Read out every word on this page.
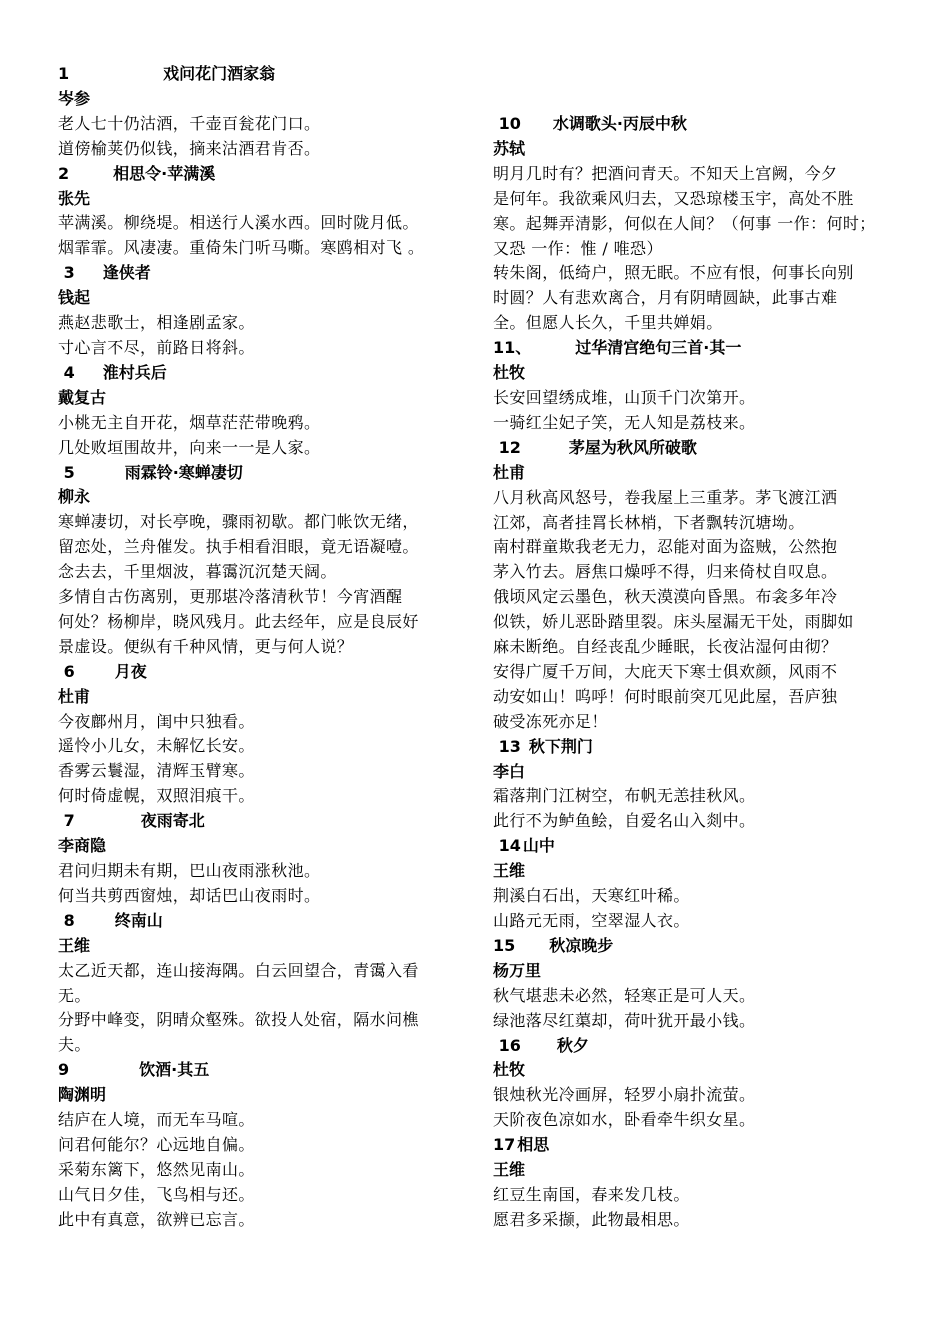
1	戏问花门酒家翁
岑参
老人七十仍沽酒，千壶百瓮花门口。
道傍榆荚仍似钱，摘来沽酒君肯否。
2	相思令·苹满溪
张先
苹满溪。柳绕堤。相送行人溪水西。回时陇月低。
烟霏霏。风凄凄。重倚朱门听马嘶。寒鸥相对飞 。
3 逢侠者
钱起
燕赵悲歌士，相逢剧孟家。
寸心言不尽，前路日将斜。
4 淮村兵后
戴复古
小桃无主自开花，烟草茫茫带晚鸦。
几处败垣围故井，向来一一是人家。
5	雨霖铃·寒蝉凄切
柳永
寒蝉凄切，对长亭晚，骤雨初歇。都门帐饮无绪，
留恋处，兰舟催发。执手相看泪眼，竟无语凝噎。
念去去，千里烟波，暮霭沉沉楚天阔。
多情自古伤离别，更那堪冷落清秋节！今宵酒醒
何处？杨柳岸，晓风残月。此去经年，应是良辰好
景虚设。便纵有千种风情，更与何人说？
6	月夜
杜甫
今夜鄜州月，闺中只独看。
遥怜小儿女，未解忆长安。
香雾云鬟湿，清辉玉臂寒。
何时倚虚幌，双照泪痕干。
7	夜雨寄北
李商隐
君问归期未有期，巴山夜雨涨秋池。
何当共剪西窗烛，却话巴山夜雨时。
8	终南山
王维
太乙近天都，连山接海隅。白云回望合，青霭入看
无。
分野中峰变，阴晴众壑殊。欲投人处宿，隔水问樵
夫。
9	饮酒·其五
陶渊明
结庐在人境，而无车马喧。
问君何能尔？心远地自偏。
采菊东篱下，悠然见南山。
山气日夕佳，飞鸟相与还。
此中有真意，欲辨已忘言。
10 水调歌头·丙辰中秋
苏轼
明月几时有？把酒问青天。不知天上宫阙，今夕
是何年。我欲乘风归去，又恐琼楼玉宇，高处不胜
寒。起舞弄清影，何似在人间？（何事 一作：何时；
又恐 一作：惟 / 唯恐）
转朱阁，低绮户，照无眠。不应有恨，何事长向别
时圆？人有悲欢离合，月有阴晴圆缺，此事古难
全。但愿人长久，千里共婵娟。
11、	过华清宫绝句三首·其一
杜牧
长安回望绣成堆，山顶千门次第开。
一骑红尘妃子笑，无人知是荔枝来。
12	茅屋为秋风所破歌
杜甫
八月秋高风怒号，卷我屋上三重茅。茅飞渡江洒
江郊，高者挂罥长林梢，下者飘转沉塘坳。
南村群童欺我老无力，忍能对面为盗贼，公然抱
茅入竹去。唇焦口燥呼不得，归来倚杖自叹息。
俄顷风定云墨色，秋天漠漠向昏黑。布衾多年冷
似铁，娇儿恶卧踏里裂。床头屋漏无干处，雨脚如
麻未断绝。自经丧乱少睡眠，长夜沾湿何由彻？
安得广厦千万间，大庇天下寒士俱欢颜，风雨不
动安如山！呜呼！何时眼前突兀见此屋，吾庐独
破受冻死亦足！
13 秋下荆门
李白
霜落荆门江树空，布帆无恙挂秋风。
此行不为鲈鱼鲙，自爱名山入剡中。
14 山中
王维
荆溪白石出，天寒红叶稀。
山路元无雨，空翠湿人衣。
15 秋凉晚步
杨万里
秋气堪悲未必然，轻寒正是可人天。
绿池落尽红蕖却，荷叶犹开最小钱。
16 秋夕
杜牧
银烛秋光冷画屏，轻罗小扇扑流萤。
天阶夜色凉如水，卧看牵牛织女星。
17 相思
王维
红豆生南国，春来发几枝。
愿君多采撷，此物最相思。
